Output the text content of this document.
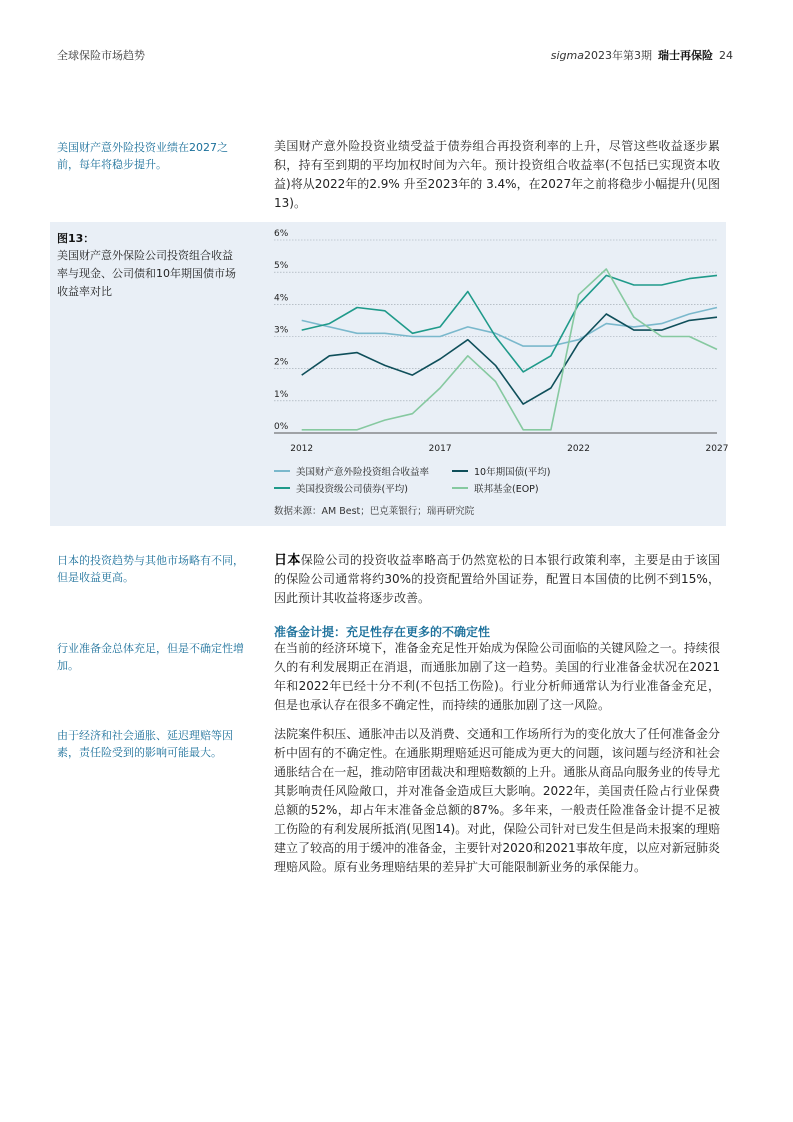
全球保险市场趋势	sigma2023年第3期 瑞士再保险 24
美国财产意外险投资业绩在2027之前，每年将稳步提升。
美国财产意外险投资业绩受益于债券组合再投资利率的上升，尽管这些收益逐步累积，持有至到期的平均加权时间为六年。预计投资组合收益率(不包括已实现资本收益)将从2022年的2.9% 升至2023年的 3.4%，在2027年之前将稳步小幅提升(见图13)。
图13：
美国财产意外保险公司投资组合收益率与现金、公司债和10年期国债市场收益率对比
0%
1%
2%
3%
4%
5%
6%
2012	2017	2022	2027
美国财产意外险投资组合收益率	10年期国债(平均)
美国投资级公司债券(平均)	联邦基金(EOP)
数据来源：AM Best；巴克莱银行；瑞再研究院
日本的投资趋势与其他市场略有不同，但是收益更高。
日本保险公司的投资收益率略高于仍然宽松的日本银行政策利率，主要是由于该国的保险公司通常将约30%的投资配置给外国证券，配置日本国债的比例不到15%，因此预计其收益将逐步改善。
准备金计提：充足性存在更多的不确定性
行业准备金总体充足，但是不确定性增加。
在当前的经济环境下，准备金充足性开始成为保险公司面临的关键风险之一。持续很久的有利发展期正在消退，而通胀加剧了这一趋势。美国的行业准备金状况在2021年和2022年已经十分不利(不包括工伤险)。行业分析师通常认为行业准备金充足，但是也承认存在很多不确定性，而持续的通胀加剧了这一风险。
由于经济和社会通胀、延迟理赔等因素，责任险受到的影响可能最大。
法院案件积压、通胀冲击以及消费、交通和工作场所行为的变化放大了任何准备金分析中固有的不确定性。在通胀期理赔延迟可能成为更大的问题，该问题与经济和社会通胀结合在一起，推动陪审团裁决和理赔数额的上升。通胀从商品向服务业的传导尤其影响责任风险敞口，并对准备金造成巨大影响。2022年，美国责任险占行业保费总额的52%，却占年末准备金总额的87%。多年来，一般责任险准备金计提不足被工伤险的有利发展所抵消(见图14)。对此，保险公司针对已发生但是尚未报案的理赔建立了较高的用于缓冲的准备金，主要针对2020和2021事故年度，以应对新冠肺炎理赔风险。原有业务理赔结果的差异扩大可能限制新业务的承保能力。
